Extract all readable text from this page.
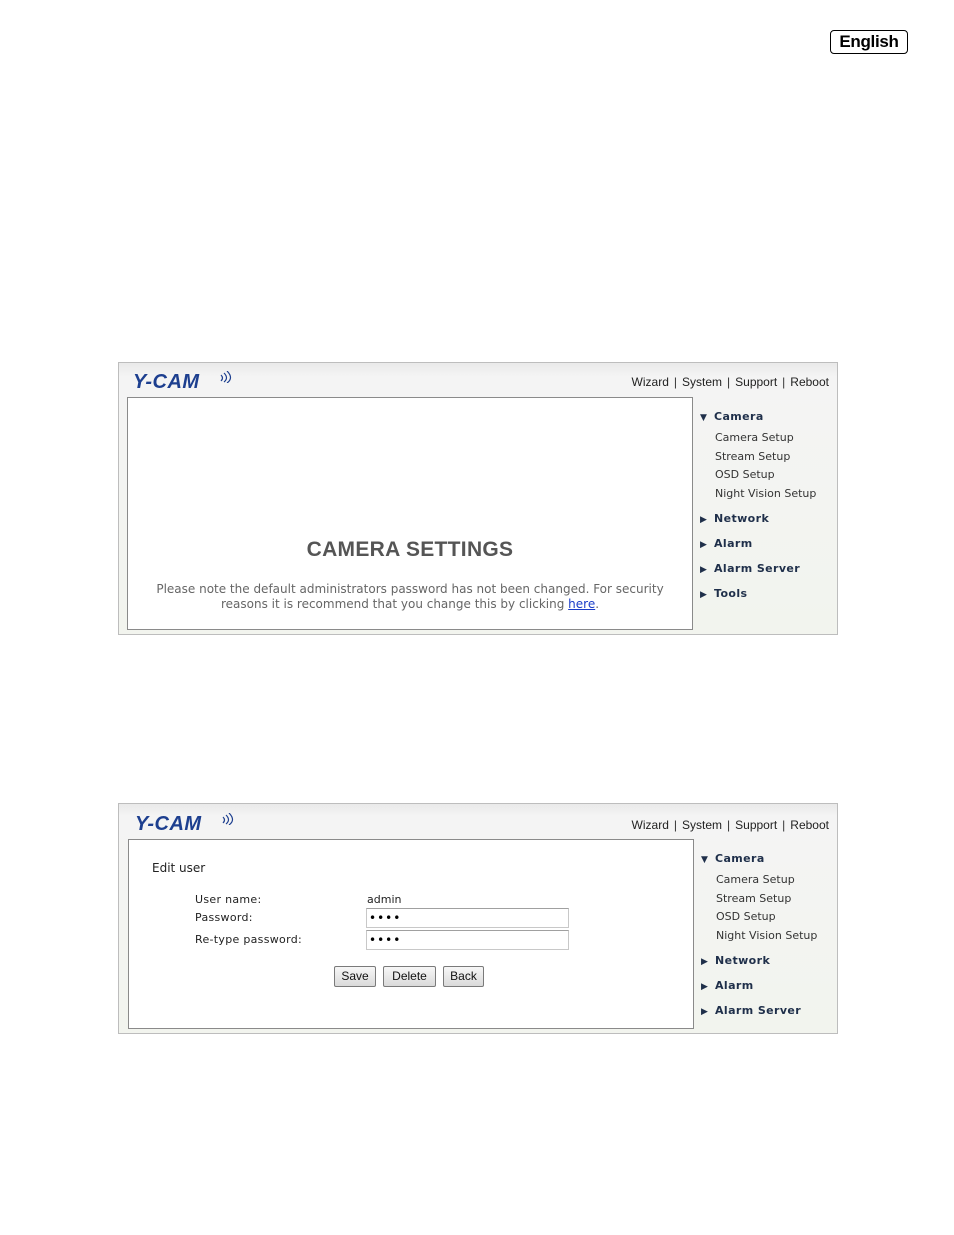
English
Y-CAM	Wizard | System | Support | Reboot
CAMERA SETTINGS
Please note the default administrators password has not been changed. For security
reasons it is recommend that you change this by clicking here.
▼ Camera
Camera Setup
Stream Setup
OSD Setup
Night Vision Setup
▶ Network
▶ Alarm
▶ Alarm Server
▶ Tools
Y-CAM	Wizard | System | Support | Reboot
Edit user
User name:	admin
Password:	••••
Re-type password:	••••
Save	Delete	Back
▼ Camera
Camera Setup
Stream Setup
OSD Setup
Night Vision Setup
▶ Network
▶ Alarm
▶ Alarm Server
